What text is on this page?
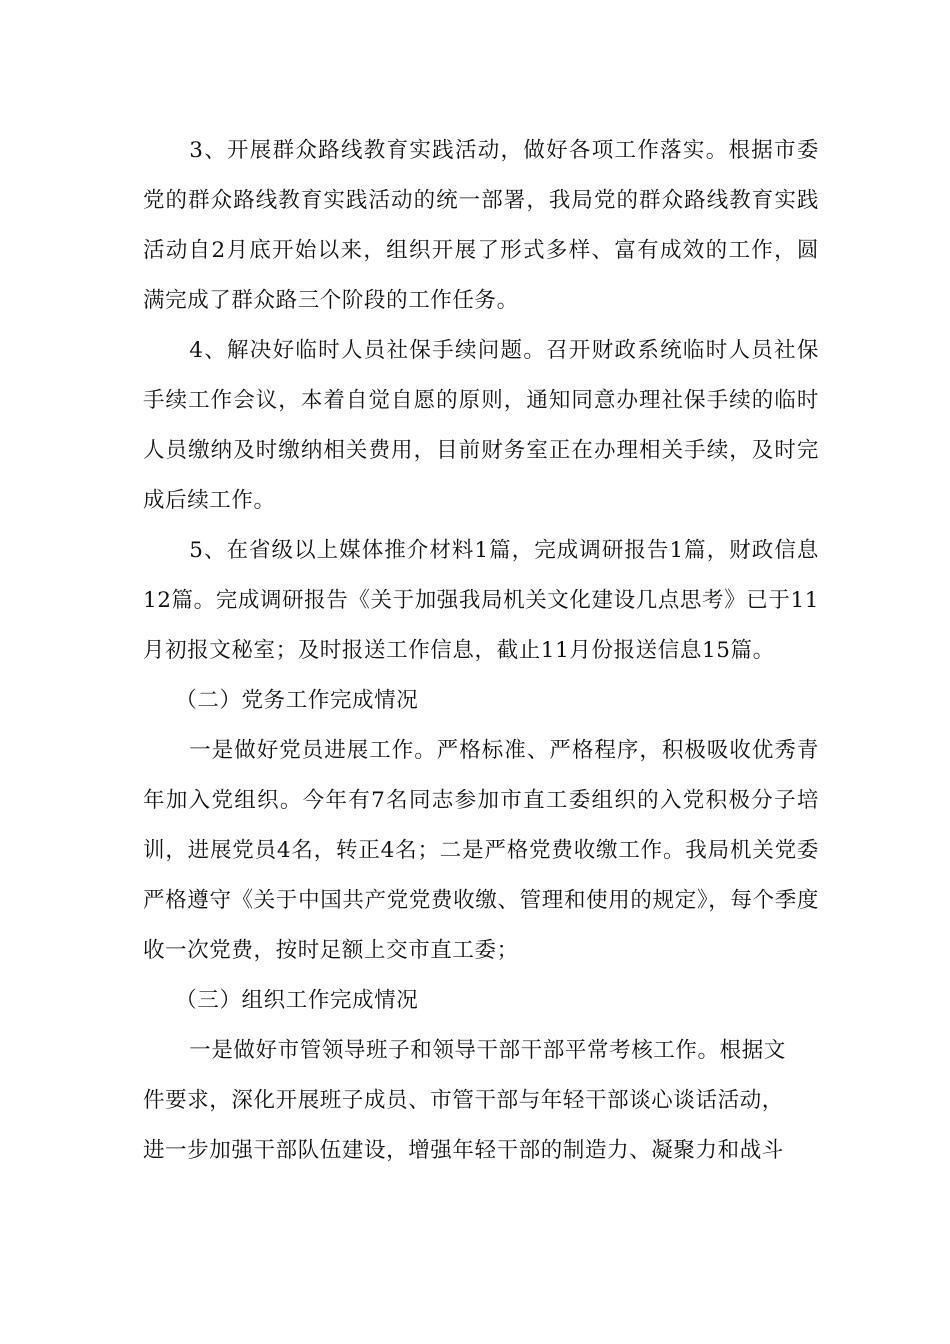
3、开展群众路线教育实践活动，做好各项工作落实。根据市委党的群众路线教育实践活动的统一部署，我局党的群众路线教育实践活动自2月底开始以来，组织开展了形式多样、富有成效的工作，圆满完成了群众路三个阶段的工作任务。

4、解决好临时人员社保手续问题。召开财政系统临时人员社保手续工作会议，本着自觉自愿的原则，通知同意办理社保手续的临时人员缴纳及时缴纳相关费用，目前财务室正在办理相关手续，及时完成后续工作。

5、在省级以上媒体推介材料1篇，完成调研报告1篇，财政信息12篇。完成调研报告《关于加强我局机关文化建设几点思考》已于11月初报文秘室；及时报送工作信息，截止11月份报送信息15篇。

（二）党务工作完成情况

一是做好党员进展工作。严格标准、严格程序，积极吸收优秀青年加入党组织。今年有7名同志参加市直工委组织的入党积极分子培训，进展党员4名，转正4名；二是严格党费收缴工作。我局机关党委严格遵守《关于中国共产党党费收缴、管理和使用的规定》，每个季度收一次党费，按时足额上交市直工委；

（三）组织工作完成情况

一是做好市管领导班子和领导干部干部平常考核工作。根据文

件要求，深化开展班子成员、市管干部与年轻干部谈心谈话活动，

进一步加强干部队伍建设，增强年轻干部的制造力、凝聚力和战斗
